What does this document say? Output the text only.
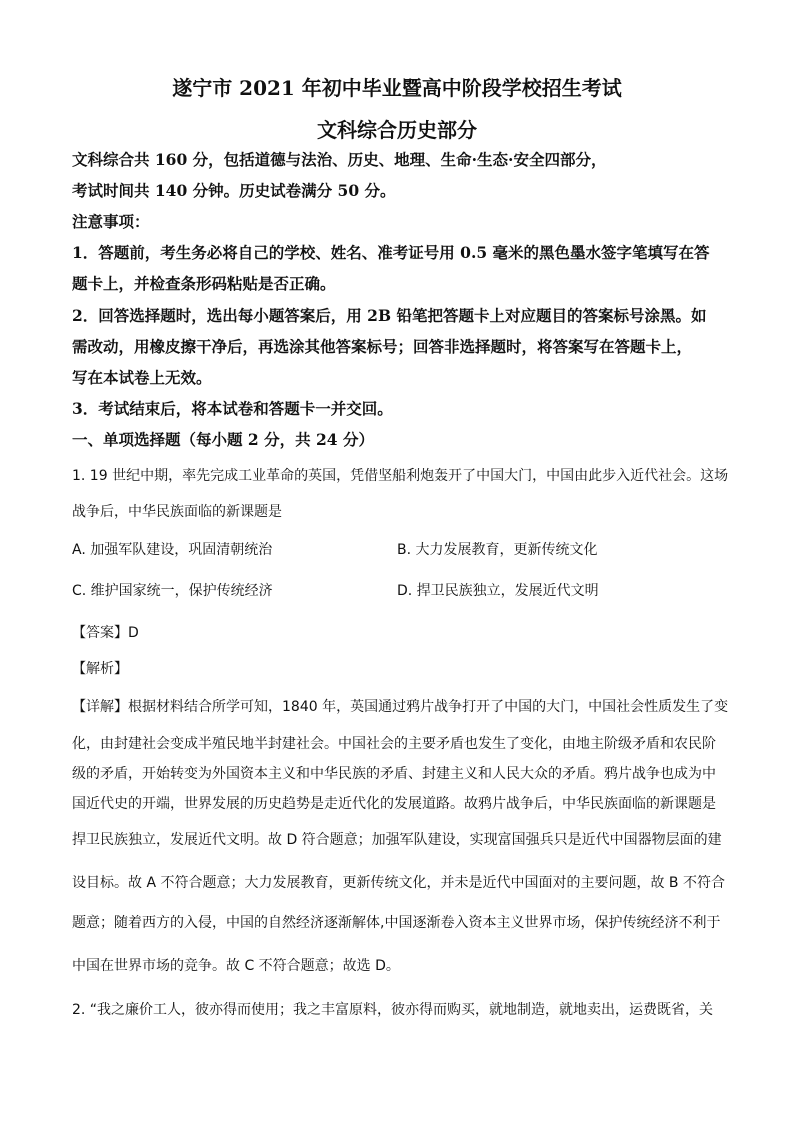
遂宁市 2021 年初中毕业暨高中阶段学校招生考试
文科综合历史部分
文科综合共 160 分，包括道德与法治、历史、地理、生命·生态·安全四部分，
考试时间共 140 分钟。历史试卷满分 50 分。
注意事项：
1．答题前，考生务必将自己的学校、姓名、准考证号用 0.5 毫米的黑色墨水签字笔填写在答
题卡上，并检查条形码粘贴是否正确。
2．回答选择题时，选出每小题答案后，用 2B 铅笔把答题卡上对应题目的答案标号涂黑。如
需改动，用橡皮擦干净后，再选涂其他答案标号；回答非选择题时，将答案写在答题卡上，
写在本试卷上无效。
3．考试结束后，将本试卷和答题卡一并交回。
一、单项选择题（每小题 2 分，共 24 分）
1. 19 世纪中期，率先完成工业革命的英国，凭借坚船利炮轰开了中国大门，中国由此步入近代社会。这场
战争后，中华民族面临的新课题是
A. 加强军队建设，巩固清朝统治	B. 大力发展教育，更新传统文化
C. 维护国家统一，保护传统经济	D. 捍卫民族独立，发展近代文明
【答案】D
【解析】
【详解】根据材料结合所学可知，1840 年，英国通过鸦片战争打开了中国的大门，中国社会性质发生了变
化，由封建社会变成半殖民地半封建社会。中国社会的主要矛盾也发生了变化，由地主阶级矛盾和农民阶
级的矛盾，开始转变为外国资本主义和中华民族的矛盾、封建主义和人民大众的矛盾。鸦片战争也成为中
国近代史的开端，世界发展的历史趋势是走近代化的发展道路。故鸦片战争后，中华民族面临的新课题是
捍卫民族独立，发展近代文明。故 D 符合题意；加强军队建设，实现富国强兵只是近代中国器物层面的建
设目标。故 A 不符合题意；大力发展教育，更新传统文化，并未是近代中国面对的主要问题，故 B 不符合
题意；随着西方的入侵，中国的自然经济逐渐解体,中国逐渐卷入资本主义世界市场，保护传统经济不利于
中国在世界市场的竞争。故 C 不符合题意；故选 D。
2. “我之廉价工人，彼亦得而使用；我之丰富原料，彼亦得而购买，就地制造，就地卖出，运费既省，关
